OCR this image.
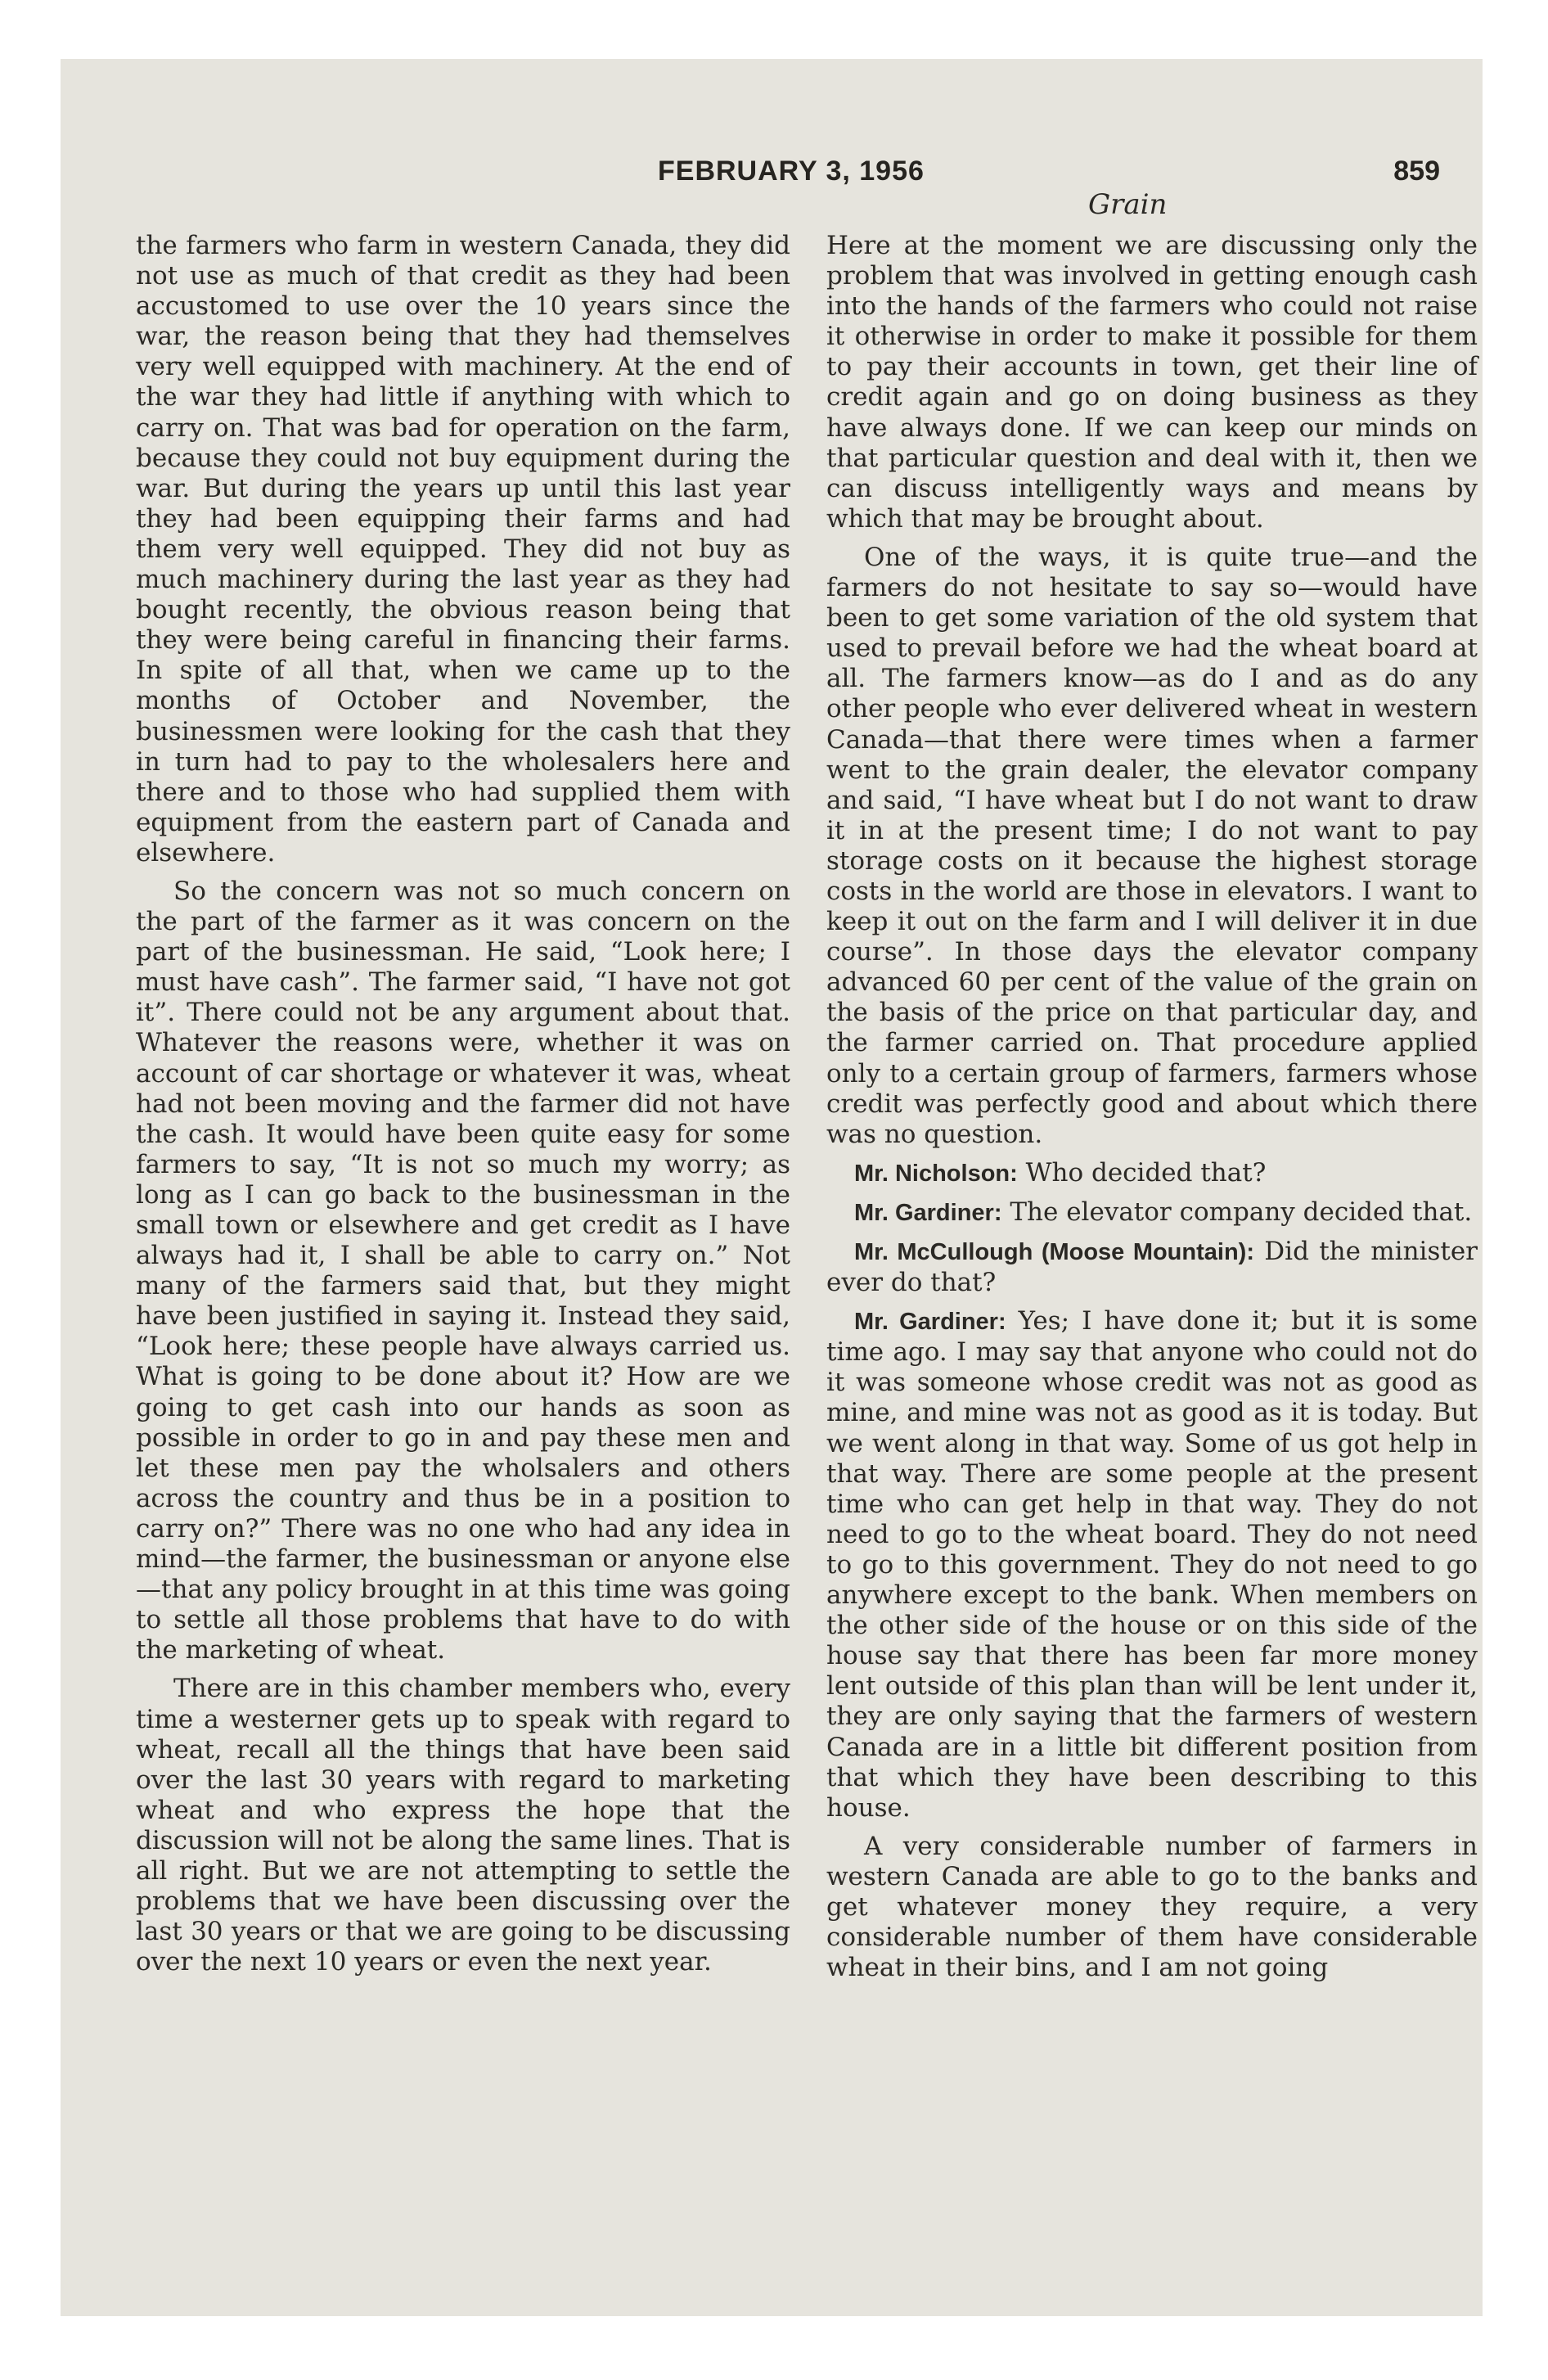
FEBRUARY 3, 1956	859
Grain

the farmers who farm in western Canada, they did not use as much of that credit as they had been accustomed to use over the 10 years since the war, the reason being that they had themselves very well equipped with machinery. At the end of the war they had little if anything with which to carry on. That was bad for operation on the farm, because they could not buy equipment during the war. But during the years up until this last year they had been equipping their farms and had them very well equipped. They did not buy as much machinery during the last year as they had bought recently, the obvious reason being that they were being careful in financing their farms. In spite of all that, when we came up to the months of October and November, the businessmen were looking for the cash that they in turn had to pay to the wholesalers here and there and to those who had supplied them with equipment from the eastern part of Canada and elsewhere.

So the concern was not so much concern on the part of the farmer as it was concern on the part of the businessman. He said, “Look here; I must have cash”. The farmer said, “I have not got it”. There could not be any argument about that. Whatever the reasons were, whether it was on account of car shortage or whatever it was, wheat had not been moving and the farmer did not have the cash. It would have been quite easy for some farmers to say, “It is not so much my worry; as long as I can go back to the businessman in the small town or elsewhere and get credit as I have always had it, I shall be able to carry on.” Not many of the farmers said that, but they might have been justified in saying it. Instead they said, “Look here; these people have always carried us. What is going to be done about it? How are we going to get cash into our hands as soon as possible in order to go in and pay these men and let these men pay the wholsalers and others across the country and thus be in a position to carry on?” There was no one who had any idea in mind—the farmer, the businessman or anyone else—that any policy brought in at this time was going to settle all those problems that have to do with the marketing of wheat.

There are in this chamber members who, every time a westerner gets up to speak with regard to wheat, recall all the things that have been said over the last 30 years with regard to marketing wheat and who express the hope that the discussion will not be along the same lines. That is all right. But we are not attempting to settle the problems that we have been discussing over the last 30 years or that we are going to be discussing over the next 10 years or even the next year.

Here at the moment we are discussing only the problem that was involved in getting enough cash into the hands of the farmers who could not raise it otherwise in order to make it possible for them to pay their accounts in town, get their line of credit again and go on doing business as they have always done. If we can keep our minds on that particular question and deal with it, then we can discuss intelligently ways and means by which that may be brought about.

One of the ways, it is quite true—and the farmers do not hesitate to say so—would have been to get some variation of the old system that used to prevail before we had the wheat board at all. The farmers know—as do I and as do any other people who ever delivered wheat in western Canada—that there were times when a farmer went to the grain dealer, the elevator company and said, “I have wheat but I do not want to draw it in at the present time; I do not want to pay storage costs on it because the highest storage costs in the world are those in elevators. I want to keep it out on the farm and I will deliver it in due course”. In those days the elevator company advanced 60 per cent of the value of the grain on the basis of the price on that particular day, and the farmer carried on. That procedure applied only to a certain group of farmers, farmers whose credit was perfectly good and about which there was no question.

Mr. Nicholson: Who decided that?

Mr. Gardiner: The elevator company decided that.

Mr. McCullough (Moose Mountain): Did the minister ever do that?

Mr. Gardiner: Yes; I have done it; but it is some time ago. I may say that anyone who could not do it was someone whose credit was not as good as mine, and mine was not as good as it is today. But we went along in that way. Some of us got help in that way. There are some people at the present time who can get help in that way. They do not need to go to the wheat board. They do not need to go to this government. They do not need to go anywhere except to the bank. When members on the other side of the house or on this side of the house say that there has been far more money lent outside of this plan than will be lent under it, they are only saying that the farmers of western Canada are in a little bit different position from that which they have been describing to this house.

A very considerable number of farmers in western Canada are able to go to the banks and get whatever money they require, a very considerable number of them have considerable wheat in their bins, and I am not going
